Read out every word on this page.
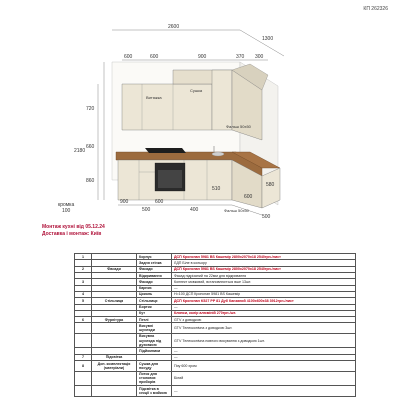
КП 262326
Витяжка
Сушка
Фальш 50х50
Фальш 50х50
2600
1300
600	600	900	370 300
720
2180
660
860
900	600
400
500
510
580
600
500
кромка
100
Монтаж кухні від 05.12.24
Доставка і монтаж: Київ
1		Корпус	ДСП Кронспан 5981 BS Кашемір 2800х2070х18 2540грн./лист
		Задня стінка	ЛДП Біле в кольору
2	Фасади	Фасади	ДСП Кронспан 5981 BS Кашемір 2800х2070х18 2540грн./лист
		Відкривання	Фасад підрізаний на 22мм для відкривання
3		Фасади	Коннект мовковий, встановлюється вше 13шт.
		Карниз	—
4		Цоколь	Н=100 ДСП Кронспан 5981 BS Кашемір
5	Стільниця	Стільниця	ДСП Кронспан K527 PP 81 Дуб Канзаний 4100х600х38 3912грн./лист
		Бортик	—
		Кут	Клипси, колір алюміній 270грн./шт.
6	Фурнітура	Петлі	GTV з доводкою
		Висувні шухляди	GTV Телескопічна з доводкою 3шт.
		Висувна шухляда під духовкою	GTV Телескопічна повного висування з доводкою 1шт.
		Підйомники	—
7	Підсвітка		—
8	Доп. комплектація (матеріали)	Сушка для посуду	Пиу 600 хром
		Лоток для столових приборів	Білий
		Підсвітка в секції з мийкою	—
